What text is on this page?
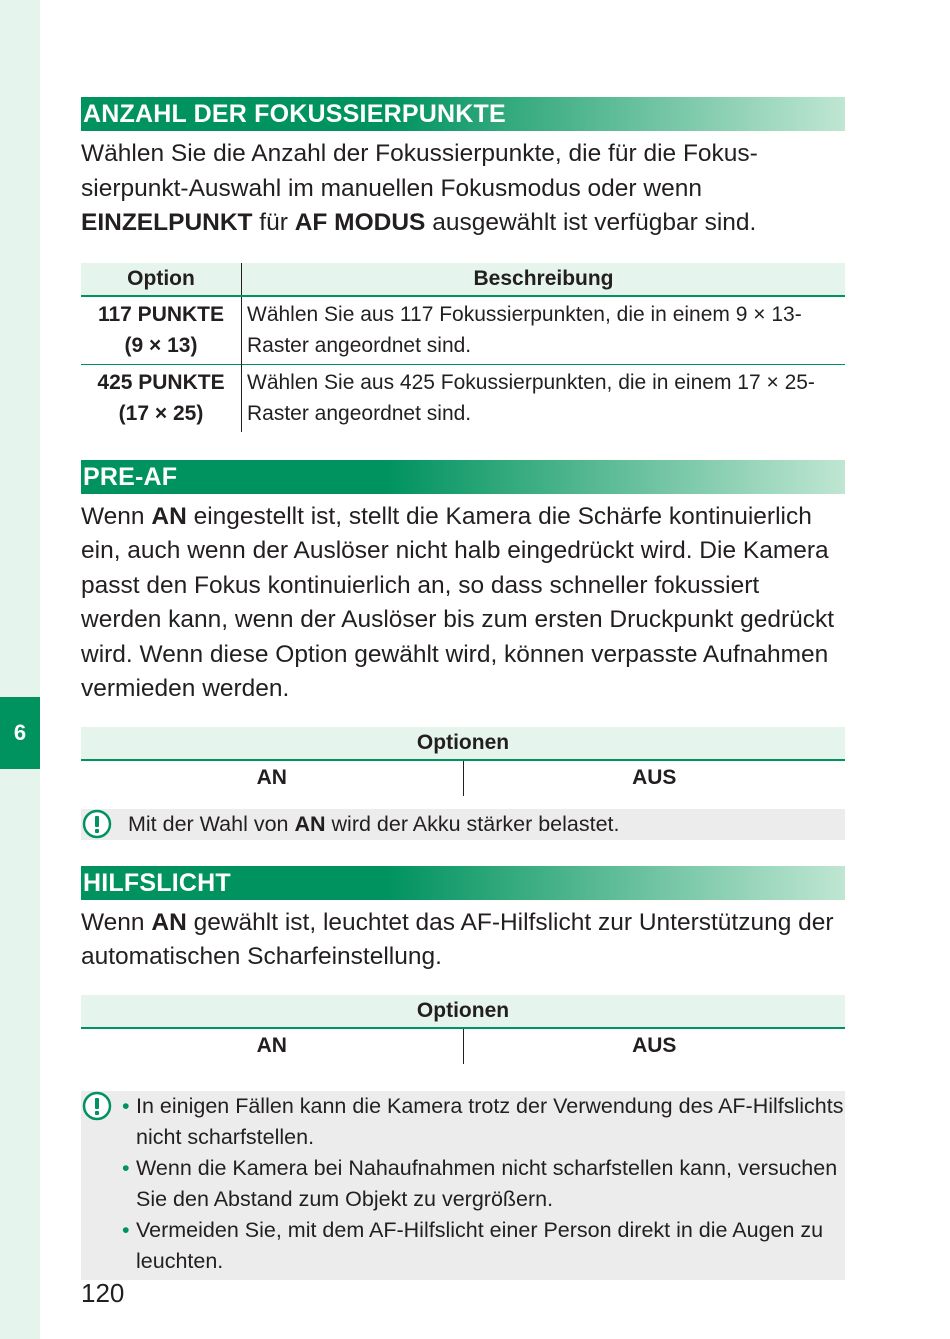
6
ANZAHL DER FOKUSSIERPUNKTE

Wählen Sie die Anzahl der Fokussierpunkte, die für die Fokus-sierpunkt-Auswahl im manuellen Fokusmodus oder wenn EINZELPUNKT für AF MODUS ausgewählt ist verfügbar sind.

Option	Beschreibung
117 PUNKTE
(9 × 13)	Wählen Sie aus 117 Fokussierpunkten, die in einem 9 × 13-Raster angeordnet sind.
425 PUNKTE
(17 × 25)	Wählen Sie aus 425 Fokussierpunkten, die in einem 17 × 25-Raster angeordnet sind.
PRE-AF

Wenn AN eingestellt ist, stellt die Kamera die Schärfe kontinuierlich ein, auch wenn der Auslöser nicht halb eingedrückt wird. Die Kamera passt den Fokus kontinuierlich an, so dass schneller fokussiert werden kann, wenn der Auslöser bis zum ersten Druckpunkt gedrückt wird. Wenn diese Option gewählt wird, können verpasste Aufnahmen vermieden werden.

Optionen
AN	AUS
Mit der Wahl von AN wird der Akku stärker belastet.
HILFSLICHT

Wenn AN gewählt ist, leuchtet das AF-Hilfslicht zur Unterstützung der automatischen Scharfeinstellung.

Optionen
AN	AUS
• In einigen Fällen kann die Kamera trotz der Verwendung des AF-Hilfslichts nicht scharfstellen.
• Wenn die Kamera bei Nahaufnahmen nicht scharfstellen kann, versuchen Sie den Abstand zum Objekt zu vergrößern.
• Vermeiden Sie, mit dem AF-Hilfslicht einer Person direkt in die Augen zu leuchten.
120
